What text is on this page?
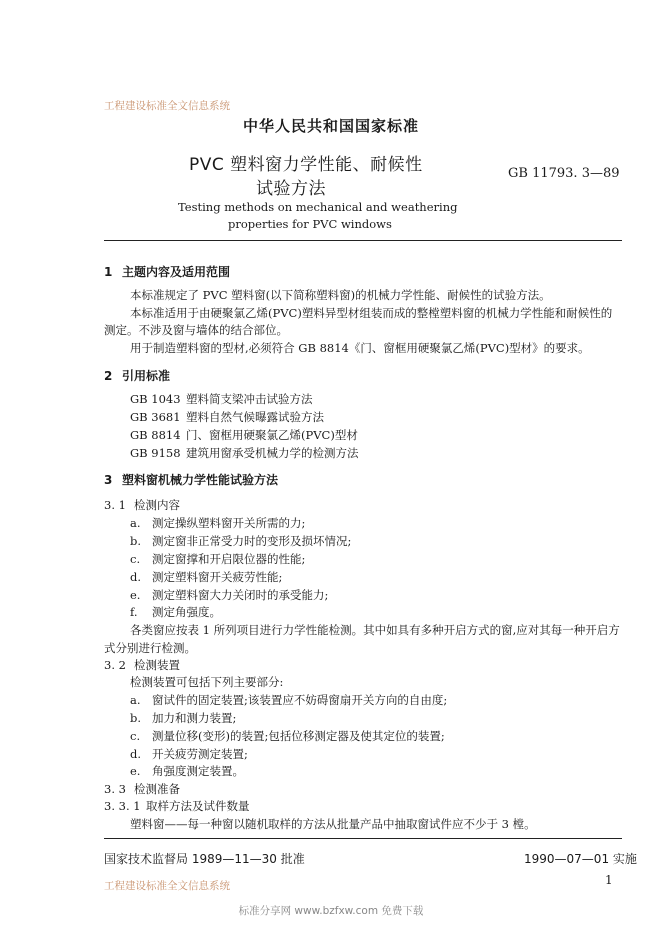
工程建设标准全文信息系统
中华人民共和国国家标准
PVC 塑料窗力学性能、耐候性
试验方法
GB 11793. 3—89
Testing methods on mechanical and weathering
properties for PVC windows
1 主题内容及适用范围
本标准规定了 PVC 塑料窗(以下简称塑料窗)的机械力学性能、耐候性的试验方法。
本标准适用于由硬聚氯乙烯(PVC)塑料异型材组装而成的整樘塑料窗的机械力学性能和耐候性的
测定。不涉及窗与墙体的结合部位。
用于制造塑料窗的型材,必须符合 GB 8814《门、窗框用硬聚氯乙烯(PVC)型材》的要求。
2 引用标准
GB 1043 塑料简支梁冲击试验方法
GB 3681 塑料自然气候曝露试验方法
GB 8814 门、窗框用硬聚氯乙烯(PVC)型材
GB 9158 建筑用窗承受机械力学的检测方法
3 塑料窗机械力学性能试验方法
3. 1 检测内容
a. 测定操纵塑料窗开关所需的力;
b. 测定窗非正常受力时的变形及损坏情况;
c. 测定窗撑和开启限位器的性能;
d. 测定塑料窗开关疲劳性能;
e. 测定塑料窗大力关闭时的承受能力;
f. 测定角强度。
各类窗应按表 1 所列项目进行力学性能检测。其中如具有多种开启方式的窗,应对其每一种开启方
式分别进行检测。
3. 2 检测装置
检测装置可包括下列主要部分:
a. 窗试件的固定装置;该装置应不妨碍窗扇开关方向的自由度;
b. 加力和测力装置;
c. 测量位移(变形)的装置;包括位移测定器及使其定位的装置;
d. 开关疲劳测定装置;
e. 角强度测定装置。
3. 3 检测准备
3. 3. 1 取样方法及试件数量
塑料窗——每一种窗以随机取样的方法从批量产品中抽取窗试件应不少于 3 樘。
国家技术监督局 1989—11—30 批准	1990—07—01 实施
工程建设标准全文信息系统	1
标准分享网 www.bzfxw.com 免费下载
